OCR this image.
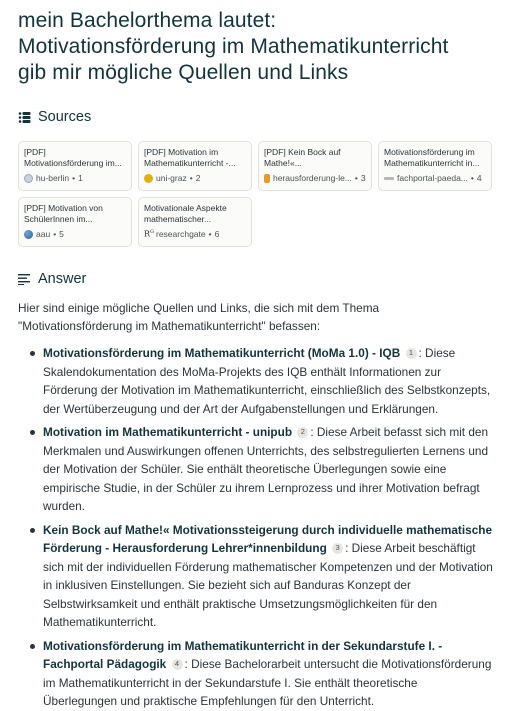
mein Bachelorthema lautet:
Motivationsförderung im Mathematikunterricht
gib mir mögliche Quellen und Links
Sources
[PDF] Motivationsförderung im...
hu-berlin • 1
[PDF] Motivation im Mathematikunterricht -...
uni-graz • 2
[PDF] Kein Bock auf Mathe!«...
herausforderung-le... • 3
Motivationsförderung im Mathematikunterricht in...
fachportal-paeda... • 4
[PDF] Motivation von SchülerInnen im...
aau • 5
Motivationale Aspekte mathematischer...
$R^G$ researchgate • 6
Answer

Hier sind einige mögliche Quellen und Links, die sich mit dem Thema "Motivationsförderung im Mathematikunterricht" befassen:

Motivationsförderung im Mathematikunterricht (MoMa 1.0) - IQB 1 : Diese Skalendokumentation des MoMa-Projekts des IQB enthält Informationen zur Förderung der Motivation im Mathematikunterricht, einschließlich des Selbstkonzepts, der Wertüberzeugung und der Art der Aufgabenstellungen und Erklärungen.
Motivation im Mathematikunterricht - unipub 2 : Diese Arbeit befasst sich mit den Merkmalen und Auswirkungen offenen Unterrichts, des selbstregulierten Lernens und der Motivation der Schüler. Sie enthält theoretische Überlegungen sowie eine empirische Studie, in der Schüler zu ihrem Lernprozess und ihrer Motivation befragt wurden.
Kein Bock auf Mathe!« Motivationssteigerung durch individuelle mathematische Förderung - Herausforderung Lehrer*innenbildung 3 : Diese Arbeit beschäftigt sich mit der individuellen Förderung mathematischer Kompetenzen und der Motivation in inklusiven Einstellungen. Sie bezieht sich auf Banduras Konzept der Selbstwirksamkeit und enthält praktische Umsetzungsmöglichkeiten für den Mathematikunterricht.
Motivationsförderung im Mathematikunterricht in der Sekundarstufe I. - Fachportal Pädagogik 4 : Diese Bachelorarbeit untersucht die Motivationsförderung im Mathematikunterricht in der Sekundarstufe I. Sie enthält theoretische Überlegungen und praktische Empfehlungen für den Unterricht.
